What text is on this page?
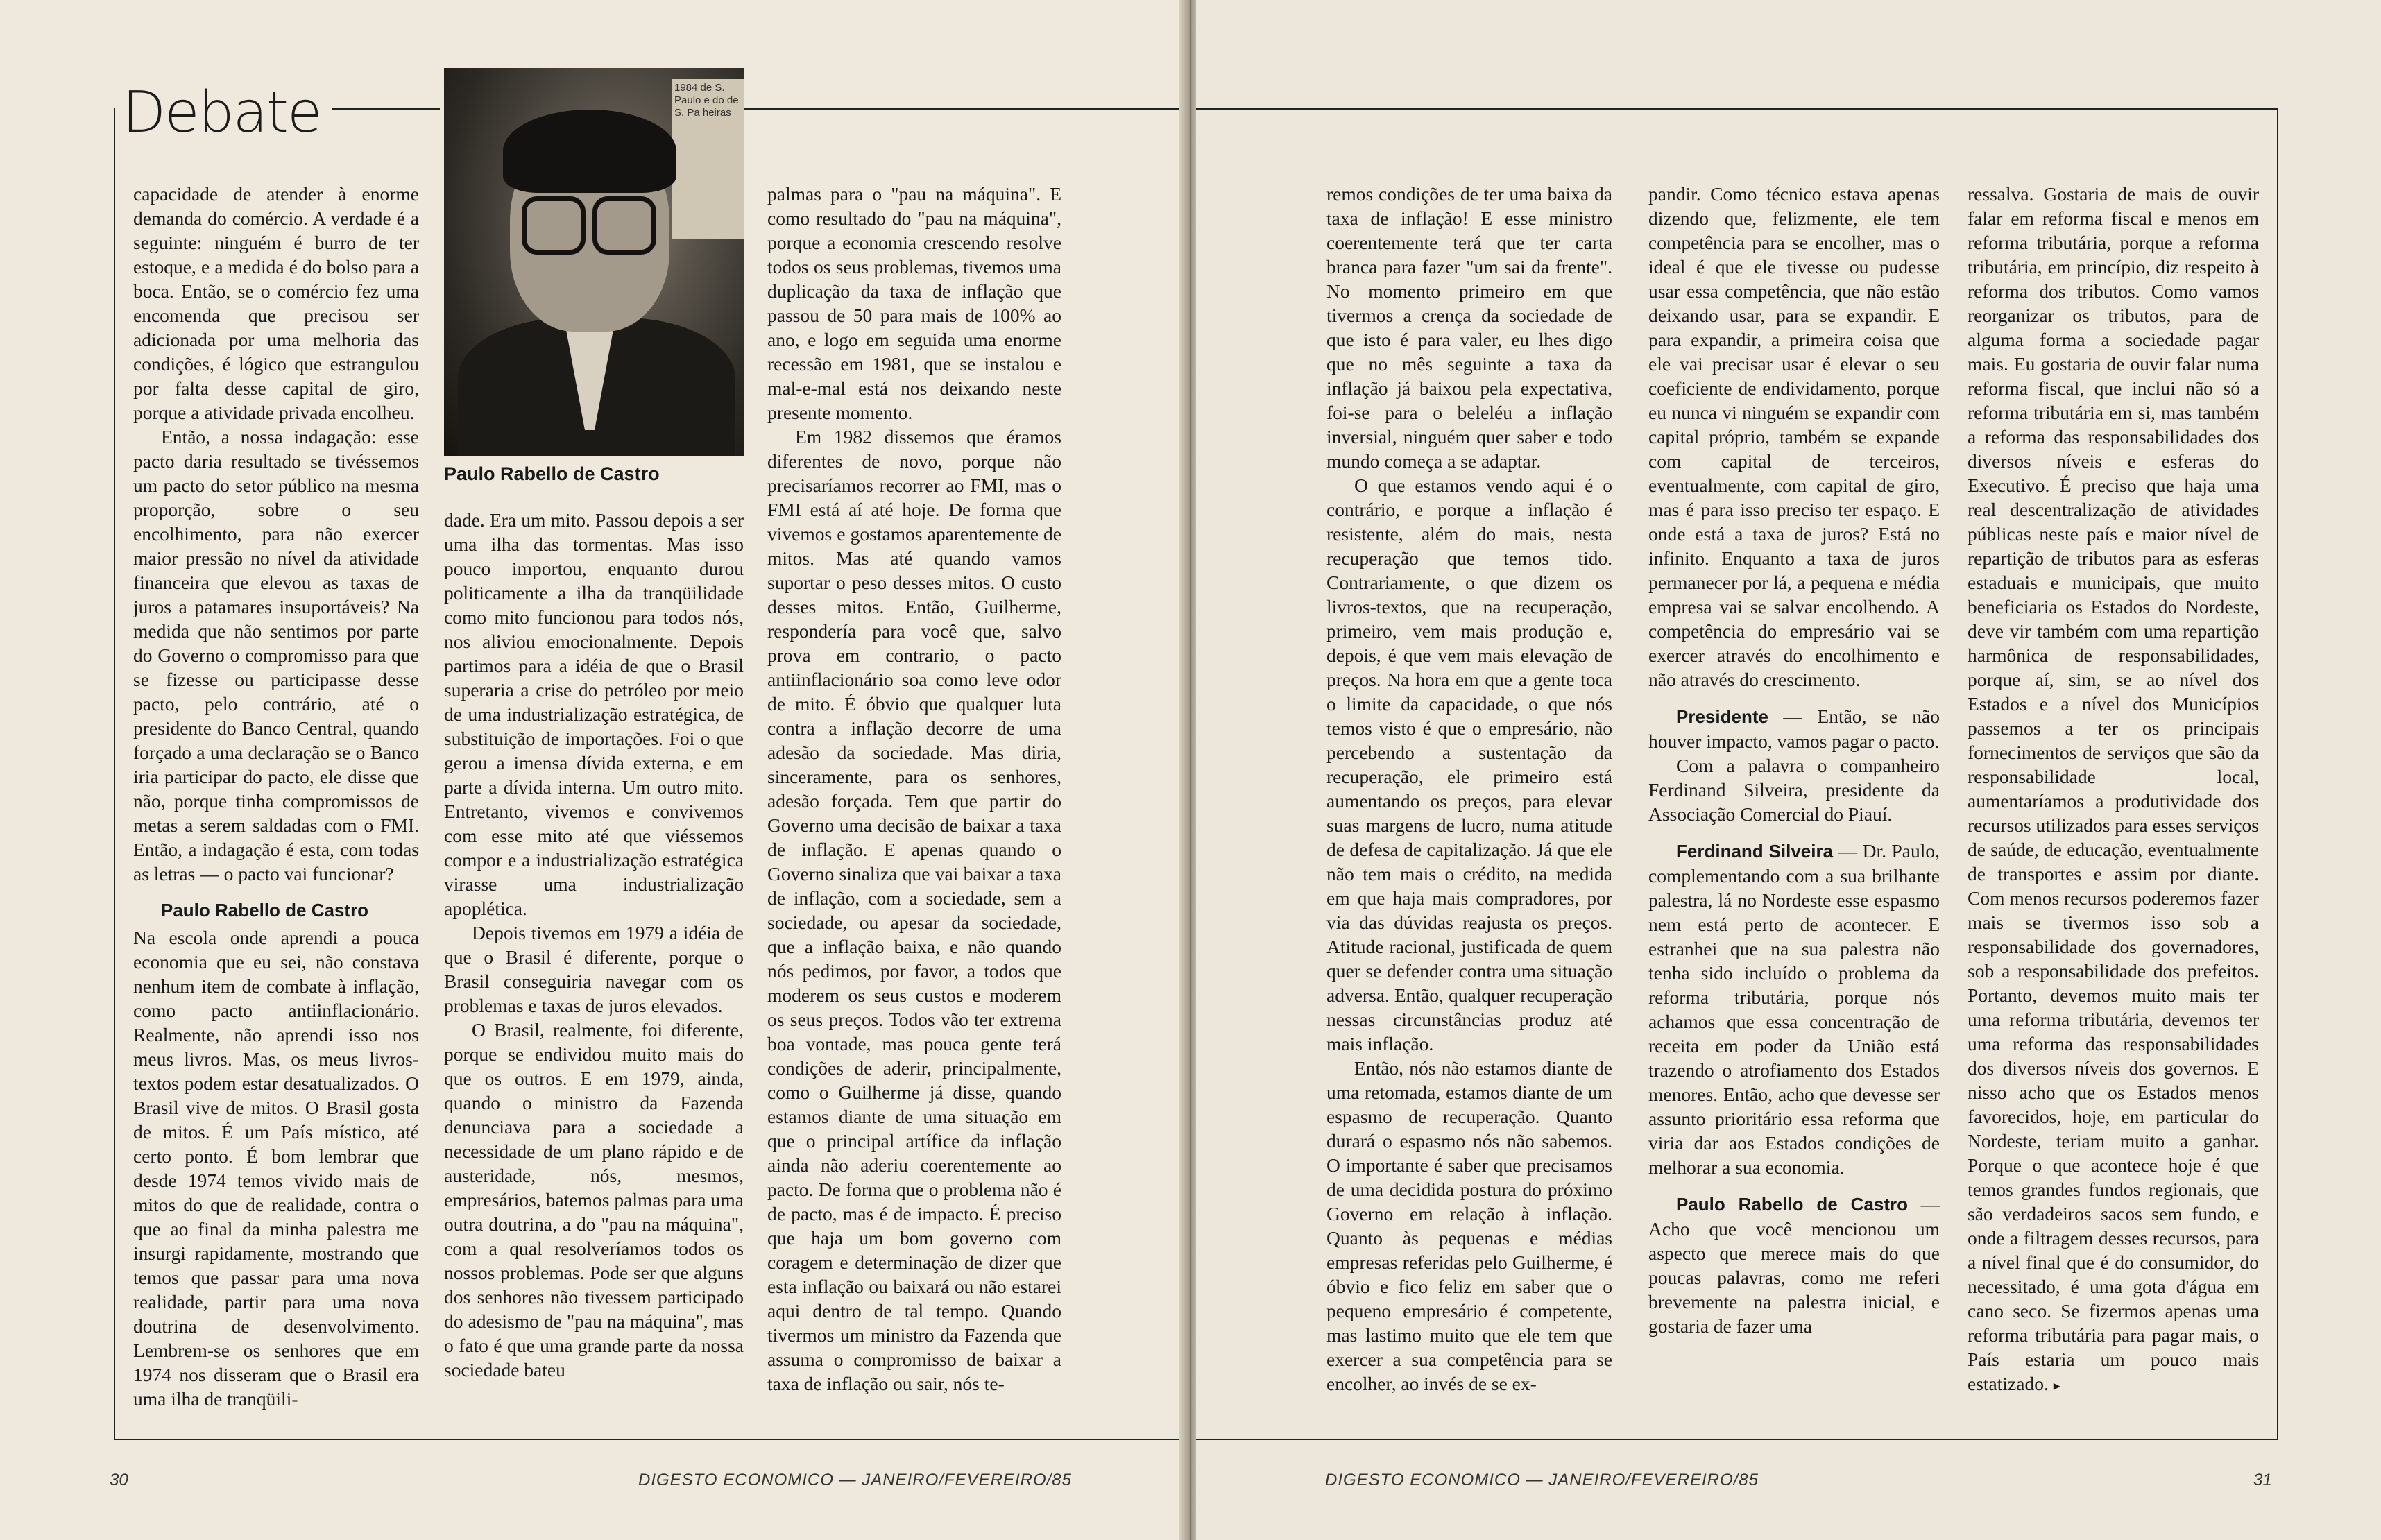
Debate	1984 de S. Paulo e do de S. Pa heiras
Paulo Rabello de Castro

capacidade de atender à enorme demanda do comércio. A verdade é a seguinte: ninguém é burro de ter estoque, e a medida é do bolso para a boca. Então, se o comércio fez uma encomenda que precisou ser adicionada por uma melhoria das condições, é lógico que estrangulou por falta desse capital de giro, porque a atividade privada encolheu.

Então, a nossa indagação: esse pacto daria resultado se tivéssemos um pacto do setor público na mesma proporção, sobre o seu encolhimento, para não exercer maior pressão no nível da atividade financeira que elevou as taxas de juros a patamares insuportáveis? Na medida que não sentimos por parte do Governo o compromisso para que se fizesse ou participasse desse pacto, pelo contrário, até o presidente do Banco Central, quando forçado a uma declaração se o Banco iria participar do pacto, ele disse que não, porque tinha compromissos de metas a serem saldadas com o FMI. Então, a indagação é esta, com todas as letras — o pacto vai funcionar?

Paulo Rabello de Castro

Na escola onde aprendi a pouca economia que eu sei, não constava nenhum item de combate à inflação, como pacto antiinflacionário. Realmente, não aprendi isso nos meus livros. Mas, os meus livros-textos podem estar desatualizados. O Brasil vive de mitos. O Brasil gosta de mitos. É um País místico, até certo ponto. É bom lembrar que desde 1974 temos vivido mais de mitos do que de realidade, contra o que ao final da minha palestra me insurgi rapidamente, mostrando que temos que passar para uma nova realidade, partir para uma nova doutrina de desenvolvimento. Lembrem-se os senhores que em 1974 nos disseram que o Brasil era uma ilha de tranqüili-

dade. Era um mito. Passou depois a ser uma ilha das tormentas. Mas isso pouco importou, enquanto durou politicamente a ilha da tranqüilidade como mito funcionou para todos nós, nos aliviou emocionalmente. Depois partimos para a idéia de que o Brasil superaria a crise do petróleo por meio de uma industrialização estratégica, de substituição de importações. Foi o que gerou a imensa dívida externa, e em parte a dívida interna. Um outro mito. Entretanto, vivemos e convivemos com esse mito até que viéssemos compor e a industrialização estratégica virasse uma industrialização apoplética.

Depois tivemos em 1979 a idéia de que o Brasil é diferente, porque o Brasil conseguiria navegar com os problemas e taxas de juros elevados.

O Brasil, realmente, foi diferente, porque se endividou muito mais do que os outros. E em 1979, ainda, quando o ministro da Fazenda denunciava para a sociedade a necessidade de um plano rápido e de austeridade, nós, mesmos, empresários, batemos palmas para uma outra doutrina, a do "pau na máquina", com a qual resolveríamos todos os nossos problemas. Pode ser que alguns dos senhores não tivessem participado do adesismo de "pau na máquina", mas o fato é que uma grande parte da nossa sociedade bateu

palmas para o "pau na máquina". E como resultado do "pau na máquina", porque a economia crescendo resolve todos os seus problemas, tivemos uma duplicação da taxa de inflação que passou de 50 para mais de 100% ao ano, e logo em seguida uma enorme recessão em 1981, que se instalou e mal-e-mal está nos deixando neste presente momento.

Em 1982 dissemos que éramos diferentes de novo, porque não precisaríamos recorrer ao FMI, mas o FMI está aí até hoje. De forma que vivemos e gostamos aparentemente de mitos. Mas até quando vamos suportar o peso desses mitos. O custo desses mitos. Então, Guilherme, respondería para você que, salvo prova em contrario, o pacto antiinflacionário soa como leve odor de mito. É óbvio que qualquer luta contra a inflação decorre de uma adesão da sociedade. Mas diria, sinceramente, para os senhores, adesão forçada. Tem que partir do Governo uma decisão de baixar a taxa de inflação. E apenas quando o Governo sinaliza que vai baixar a taxa de inflação, com a sociedade, sem a sociedade, ou apesar da sociedade, que a inflação baixa, e não quando nós pedimos, por favor, a todos que moderem os seus custos e moderem os seus preços. Todos vão ter extrema boa vontade, mas pouca gente terá condições de aderir, principalmente, como o Guilherme já disse, quando estamos diante de uma situação em que o principal artífice da inflação ainda não aderiu coerentemente ao pacto. De forma que o problema não é de pacto, mas é de impacto. É preciso que haja um bom governo com coragem e determinação de dizer que esta inflação ou baixará ou não estarei aqui dentro de tal tempo. Quando tivermos um ministro da Fazenda que assuma o compromisso de baixar a taxa de inflação ou sair, nós te-

30	DIGESTO ECONOMICO — JANEIRO/FEVEREIRO/85

remos condições de ter uma baixa da taxa de inflação! E esse ministro coerentemente terá que ter carta branca para fazer "um sai da frente". No momento primeiro em que tivermos a crença da sociedade de que isto é para valer, eu lhes digo que no mês seguinte a taxa da inflação já baixou pela expectativa, foi-se para o beleléu a inflação inversial, ninguém quer saber e todo mundo começa a se adaptar.

O que estamos vendo aqui é o contrário, e porque a inflação é resistente, além do mais, nesta recuperação que temos tido. Contrariamente, o que dizem os livros-textos, que na recuperação, primeiro, vem mais produção e, depois, é que vem mais elevação de preços. Na hora em que a gente toca o limite da capacidade, o que nós temos visto é que o empresário, não percebendo a sustentação da recuperação, ele primeiro está aumentando os preços, para elevar suas margens de lucro, numa atitude de defesa de capitalização. Já que ele não tem mais o crédito, na medida em que haja mais compradores, por via das dúvidas reajusta os preços. Atitude racional, justificada de quem quer se defender contra uma situação adversa. Então, qualquer recuperação nessas circunstâncias produz até mais inflação.

Então, nós não estamos diante de uma retomada, estamos diante de um espasmo de recuperação. Quanto durará o espasmo nós não sabemos. O importante é saber que precisamos de uma decidida postura do próximo Governo em relação à inflação. Quanto às pequenas e médias empresas referidas pelo Guilherme, é óbvio e fico feliz em saber que o pequeno empresário é competente, mas lastimo muito que ele tem que exercer a sua competência para se encolher, ao invés de se ex-

pandir. Como técnico estava apenas dizendo que, felizmente, ele tem competência para se encolher, mas o ideal é que ele tivesse ou pudesse usar essa competência, que não estão deixando usar, para se expandir. E para expandir, a primeira coisa que ele vai precisar usar é elevar o seu coeficiente de endividamento, porque eu nunca vi ninguém se expandir com capital próprio, também se expande com capital de terceiros, eventualmente, com capital de giro, mas é para isso preciso ter espaço. E onde está a taxa de juros? Está no infinito. Enquanto a taxa de juros permanecer por lá, a pequena e média empresa vai se salvar encolhendo. A competência do empresário vai se exercer através do encolhimento e não através do crescimento.

Presidente — Então, se não houver impacto, vamos pagar o pacto.

Com a palavra o companheiro Ferdinand Silveira, presidente da Associação Comercial do Piauí.

Ferdinand Silveira — Dr. Paulo, complementando com a sua brilhante palestra, lá no Nordeste esse espasmo nem está perto de acontecer. E estranhei que na sua palestra não tenha sido incluído o problema da reforma tributária, porque nós achamos que essa concentração de receita em poder da União está trazendo o atrofiamento dos Estados menores. Então, acho que devesse ser assunto prioritário essa reforma que viria dar aos Estados condições de melhorar a sua economia.

Paulo Rabello de Castro — Acho que você mencionou um aspecto que merece mais do que poucas palavras, como me referi brevemente na palestra inicial, e gostaria de fazer uma

ressalva. Gostaria de mais de ouvir falar em reforma fiscal e menos em reforma tributária, porque a reforma tributária, em princípio, diz respeito à reforma dos tributos. Como vamos reorganizar os tributos, para de alguma forma a sociedade pagar mais. Eu gostaria de ouvir falar numa reforma fiscal, que inclui não só a reforma tributária em si, mas também a reforma das responsabilidades dos diversos níveis e esferas do Executivo. É preciso que haja uma real descentralização de atividades públicas neste país e maior nível de repartição de tributos para as esferas estaduais e municipais, que muito beneficiaria os Estados do Nordeste, deve vir também com uma repartição harmônica de responsabilidades, porque aí, sim, se ao nível dos Estados e a nível dos Municípios passemos a ter os principais fornecimentos de serviços que são da responsabilidade local, aumentaríamos a produtividade dos recursos utilizados para esses serviços de saúde, de educação, eventualmente de transportes e assim por diante. Com menos recursos poderemos fazer mais se tivermos isso sob a responsabilidade dos governadores, sob a responsabilidade dos prefeitos. Portanto, devemos muito mais ter uma reforma tributária, devemos ter uma reforma das responsabilidades dos diversos níveis dos governos. E nisso acho que os Estados menos favorecidos, hoje, em particular do Nordeste, teriam muito a ganhar. Porque o que acontece hoje é que temos grandes fundos regionais, que são verdadeiros sacos sem fundo, e onde a filtragem desses recursos, para a nível final que é do consumidor, do necessitado, é uma gota d'água em cano seco. Se fizermos apenas uma reforma tributária para pagar mais, o País estaria um pouco mais estatizado. ▸

DIGESTO ECONOMICO — JANEIRO/FEVEREIRO/85	31
